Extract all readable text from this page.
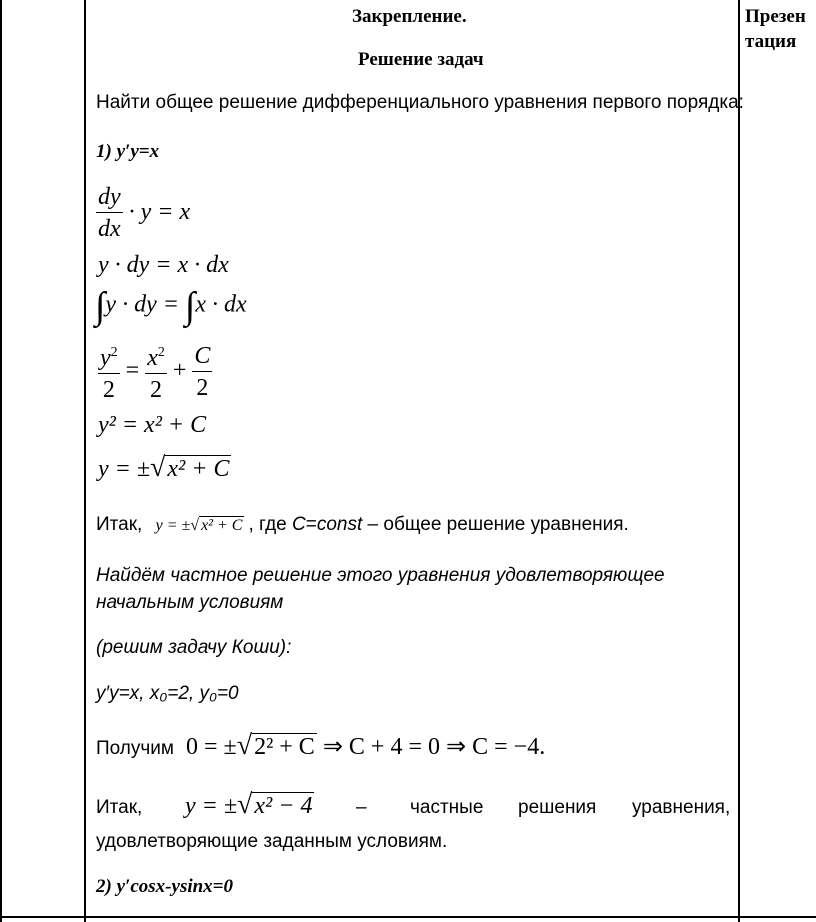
Закрепление.
Решение задач
Презен
тация
Найти общее решение дифференциального уравнения первого порядка:
1) y′y=x
$\frac{dy}{dx} \cdot y = x$
y · dy = x · dx
∫y · dy = ∫x · dx
$\frac{y^2}{2} = \frac{x^2}{2} + \frac{C}{2}$
y² = x² + C
y = ±√x² + C
Итак, y = ±√ x² + C , где C=const – общее решение уравнения.
Найдём частное решение этого уравнения удовлетворяющее
начальным условиям
(решим задачу Коши):
y′y=x, x₀=2, y₀=0
Получим 0 = ±√2² + C ⇒ C + 4 = 0 ⇒ C = −4.
Итак, y = ±√x² − 4 – частные решения уравнения,
удовлетворяющие заданным условиям.
2) y′cosx-ysinx=0
